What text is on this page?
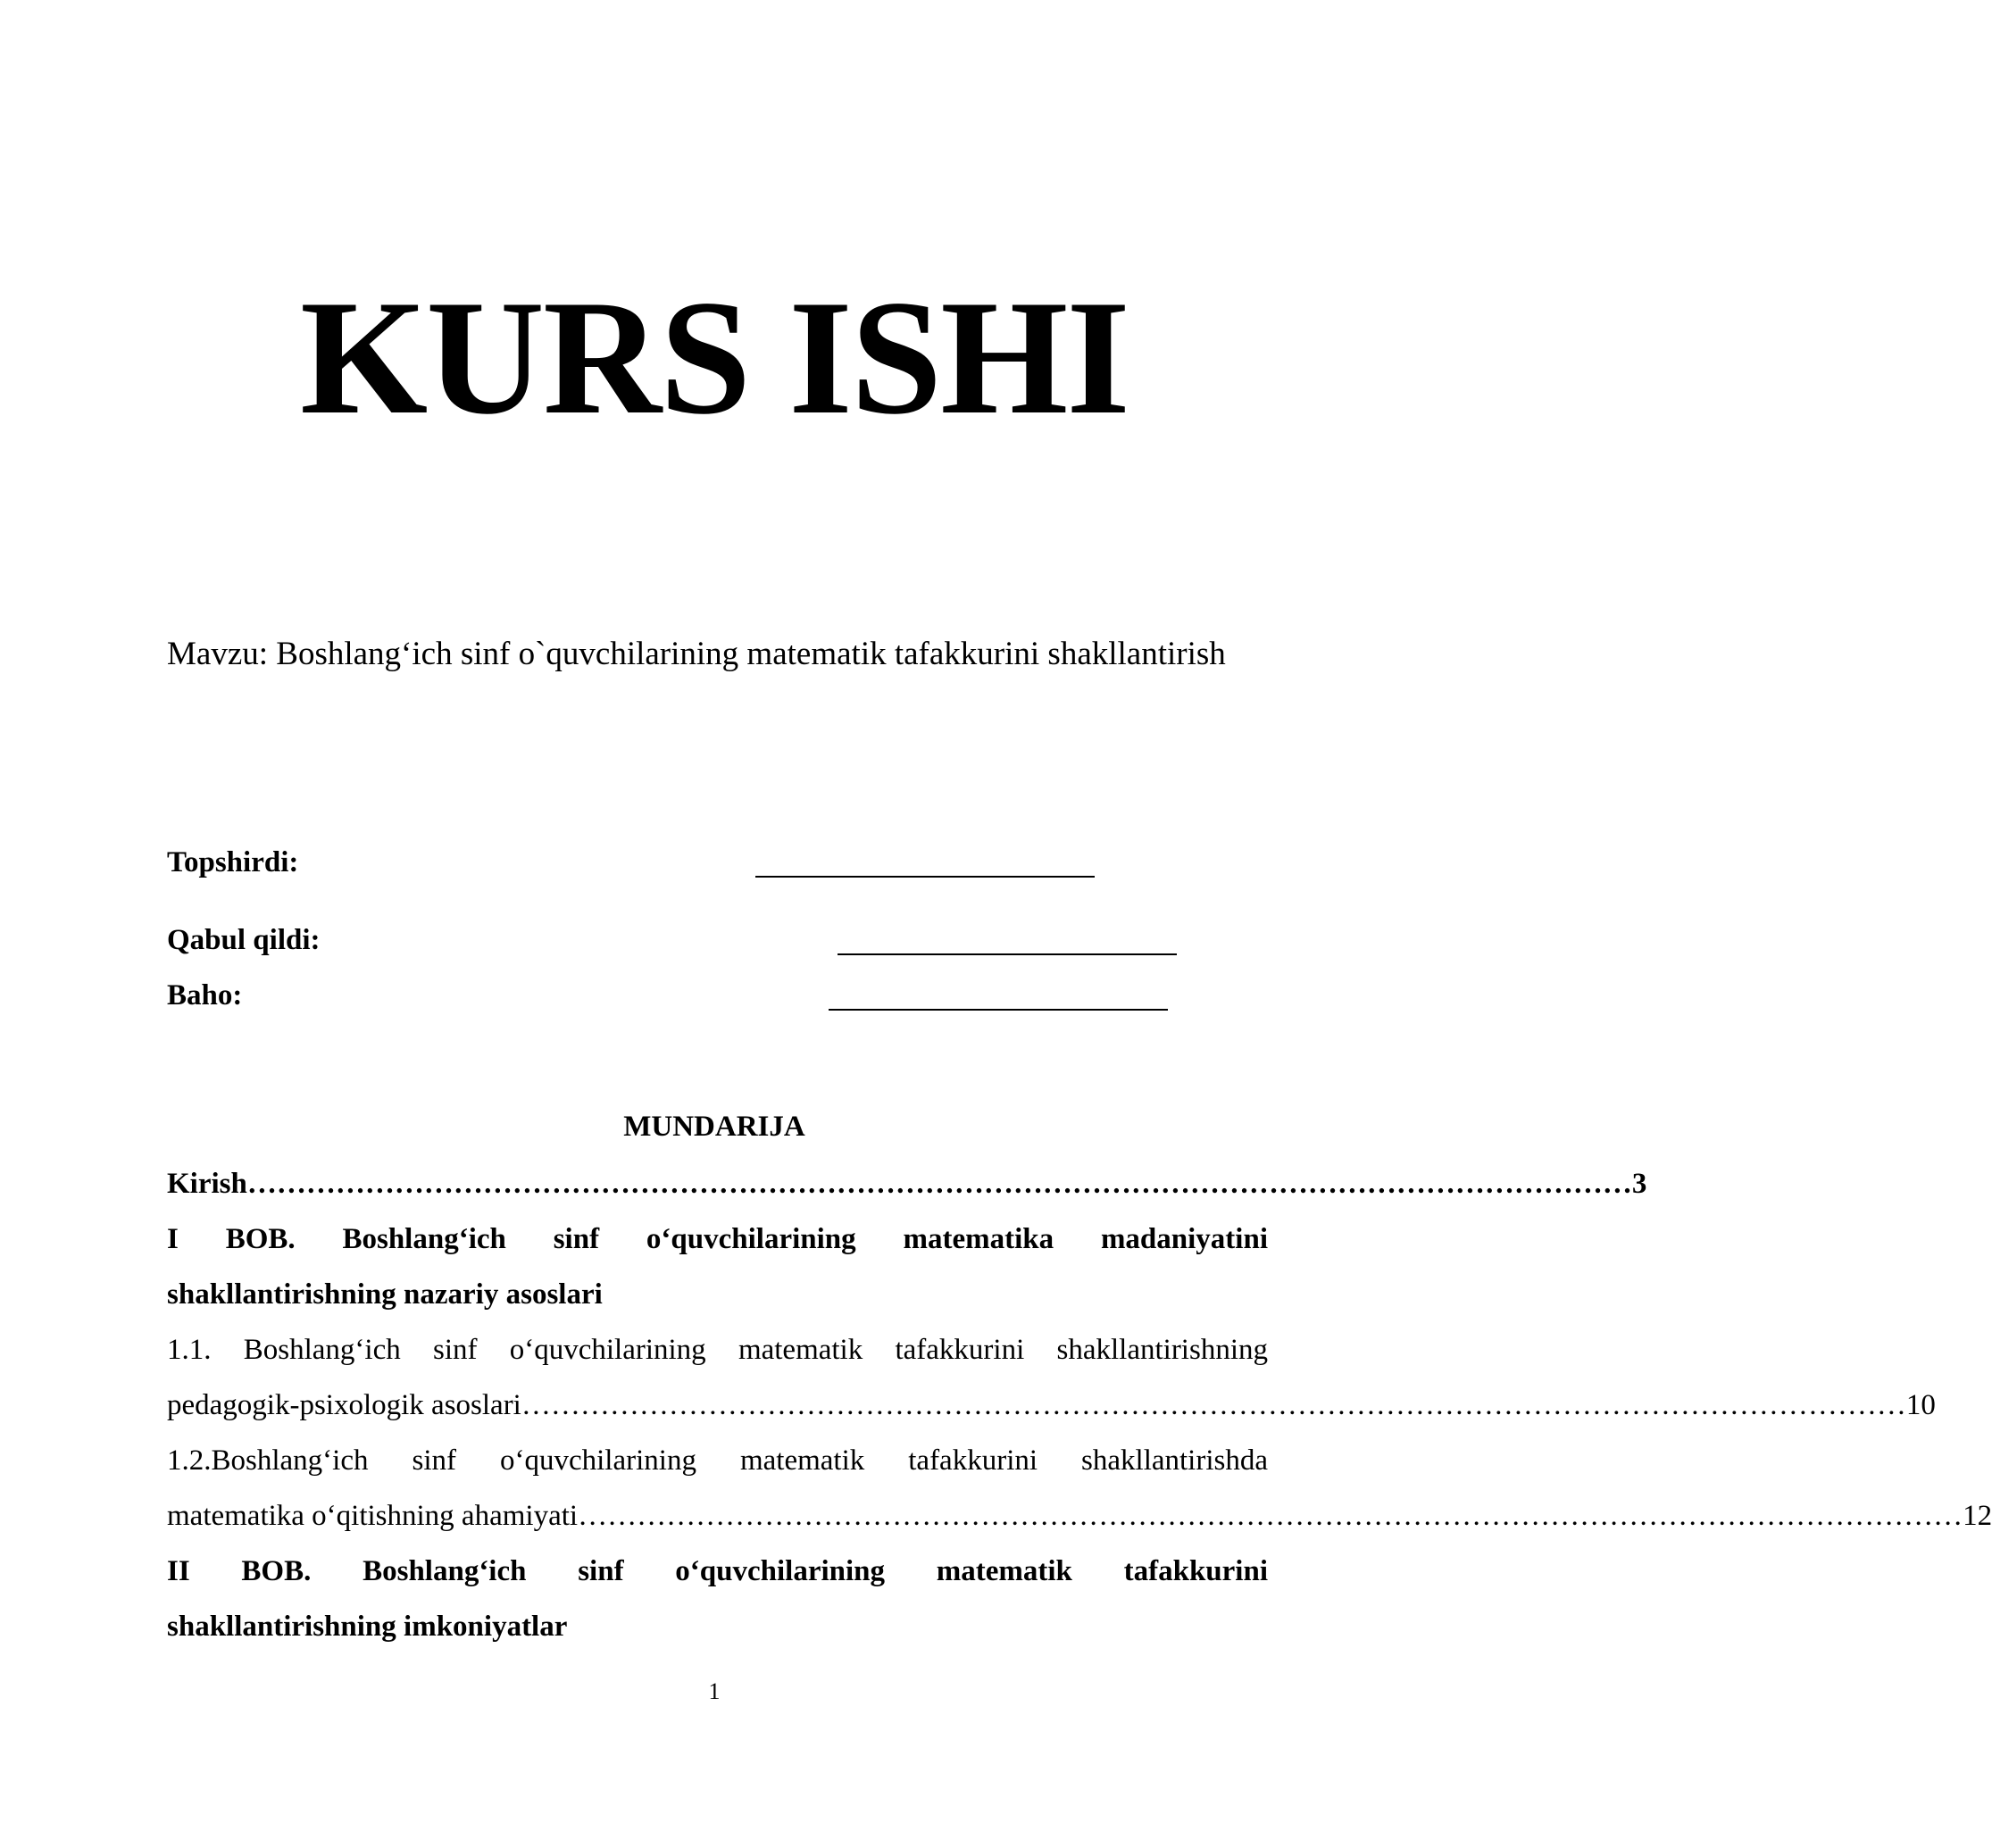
KURS ISHI
Mavzu: Boshlang‘ich sinf o`quvchilarining matematik tafakkurini shakllantirish
Topshirdi:
Qabul qildi:
Baho:
MUNDARIJA
Kirish …………………………………………………………………………………………………………………………… 3
I BOB. Boshlang‘ich sinf o‘quvchilarining matematika madaniyatini
shakllantirishning nazariy asoslari
1.1. Boshlang‘ich sinf o‘quvchilarining matematik tafakkurini shakllantirishning
pedagogik-psixologik asoslari …………………………………………………………………………………………………………………………… 10
1.2.Boshlang‘ich sinf o‘quvchilarining matematik tafakkurini shakllantirishda
matematika o‘qitishning ahamiyati …………………………………………………………………………………………………………………………… 12
II BOB. Boshlang‘ich sinf o‘quvchilarining matematik tafakkurini
shakllantirishning imkoniyatlar
1
